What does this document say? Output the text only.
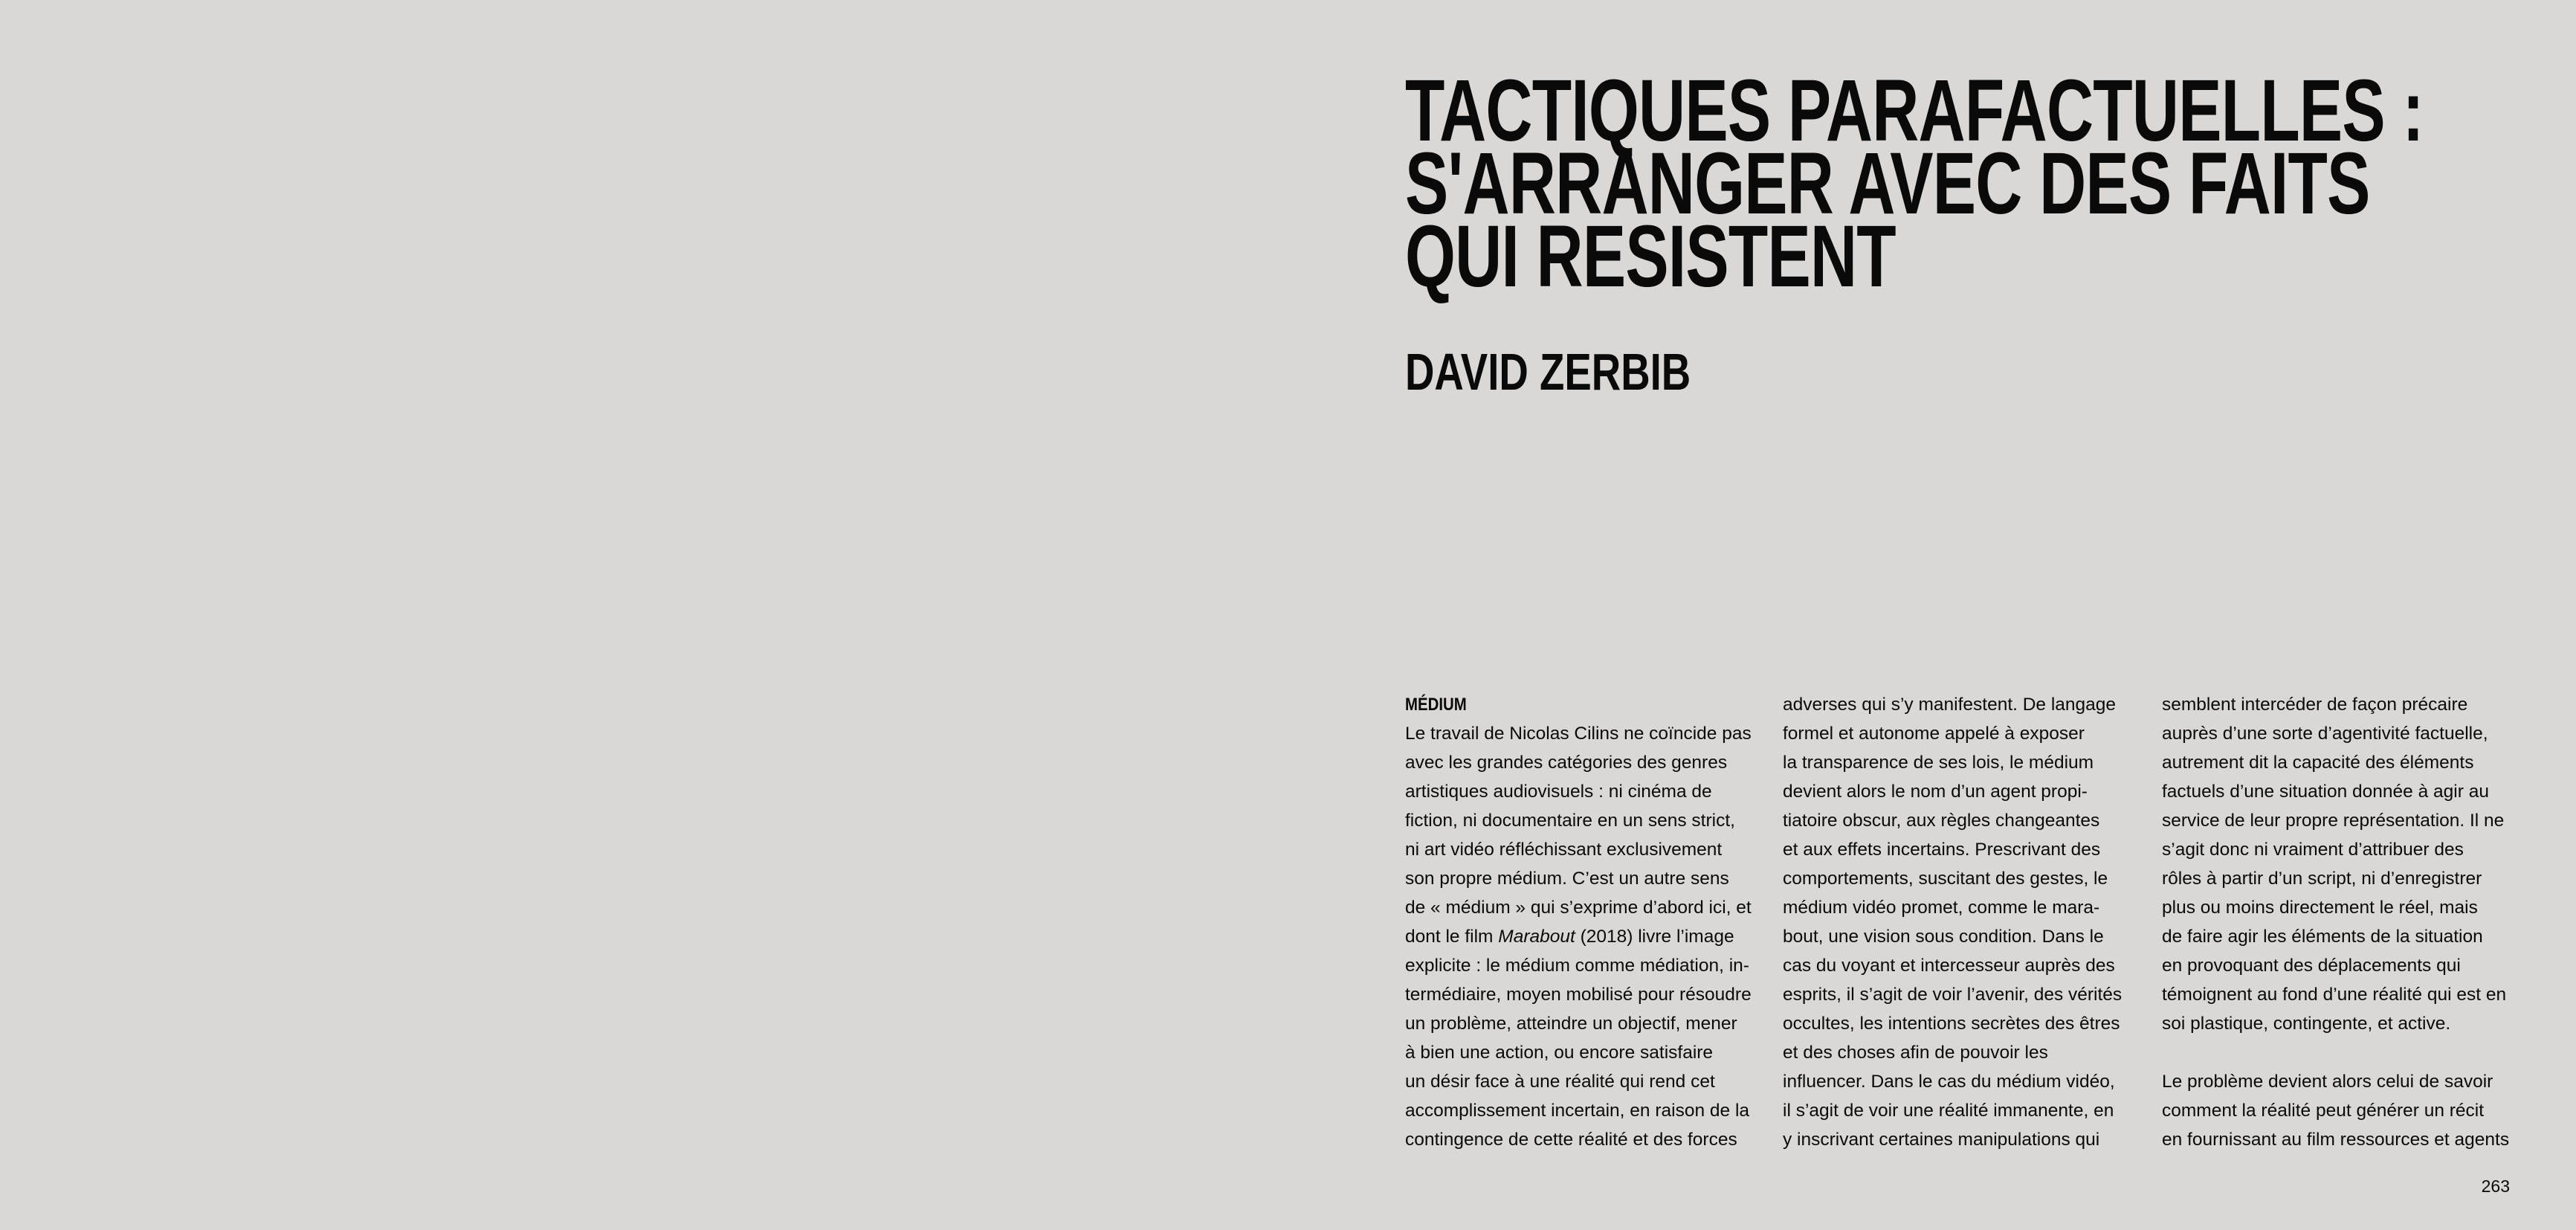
TACTIQUES PARAFACTUELLES :
S'ARRANGER AVEC DES FAITS
QUI RESISTENT
DAVID ZERBIB
MÉDIUM
Le travail de Nicolas Cilins ne coïncide pas
avec les grandes catégories des genres
artistiques audiovisuels : ni cinéma de
fiction, ni documentaire en un sens strict,
ni art vidéo réfléchissant exclusivement
son propre médium. C’est un autre sens
de « médium » qui s’exprime d’abord ici, et
dont le film Marabout (2018) livre l’image
explicite : le médium comme médiation, in-
termédiaire, moyen mobilisé pour résoudre
un problème, atteindre un objectif, mener
à bien une action, ou encore satisfaire
un désir face à une réalité qui rend cet
accomplissement incertain, en raison de la
contingence de cette réalité et des forces
adverses qui s’y manifestent. De langage
formel et autonome appelé à exposer
la transparence de ses lois, le médium
devient alors le nom d’un agent propi-
tiatoire obscur, aux règles changeantes
et aux effets incertains. Prescrivant des
comportements, suscitant des gestes, le
médium vidéo promet, comme le mara-
bout, une vision sous condition. Dans le
cas du voyant et intercesseur auprès des
esprits, il s’agit de voir l’avenir, des vérités
occultes, les intentions secrètes des êtres
et des choses afin de pouvoir les
influencer. Dans le cas du médium vidéo,
il s’agit de voir une réalité immanente, en
y inscrivant certaines manipulations qui
semblent intercéder de façon précaire
auprès d’une sorte d’agentivité factuelle,
autrement dit la capacité des éléments
factuels d’une situation donnée à agir au
service de leur propre représentation. Il ne
s’agit donc ni vraiment d’attribuer des
rôles à partir d’un script, ni d’enregistrer
plus ou moins directement le réel, mais
de faire agir les éléments de la situation
en provoquant des déplacements qui
témoignent au fond d’une réalité qui est en
soi plastique, contingente, et active.
Le problème devient alors celui de savoir
comment la réalité peut générer un récit
en fournissant au film ressources et agents
263
